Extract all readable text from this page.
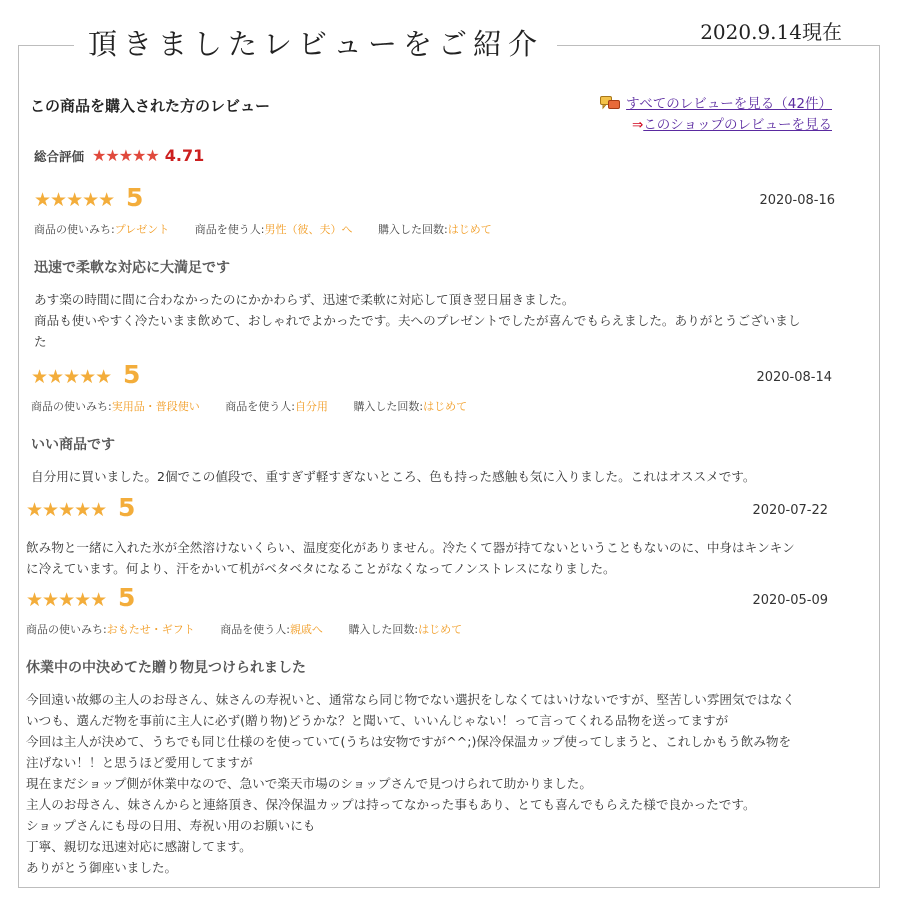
頂きましたレビューをご紹介	2020.9.14現在
この商品を購入された方のレビュー	すべてのレビューを見る（42件）
⇒このショップのレビューを見る
総合評価 ★★★★★ 4.71
★★★★★ 5	2020-08-16
商品の使いみち:プレゼント 商品を使う人:男性（彼、夫）へ 購入した回数:はじめて
迅速で柔軟な対応に大満足です
あす楽の時間に間に合わなかったのにかかわらず、迅速で柔軟に対応して頂き翌日届きました。
商品も使いやすく冷たいまま飲めて、おしゃれでよかったです。夫へのプレゼントでしたが喜んでもらえました。ありがとうございまし
た
★★★★★ 5	2020-08-14
商品の使いみち:実用品・普段使い 商品を使う人:自分用 購入した回数:はじめて
いい商品です
自分用に買いました。2個でこの値段で、重すぎず軽すぎないところ、色も持った感触も気に入りました。これはオススメです。
★★★★★ 5	2020-07-22
飲み物と一緒に入れた氷が全然溶けないくらい、温度変化がありません。冷たくて器が持てないということもないのに、中身はキンキン
に冷えています。何より、汗をかいて机がベタベタになることがなくなってノンストレスになりました。
★★★★★ 5	2020-05-09
商品の使いみち:おもたせ・ギフト 商品を使う人:親戚へ 購入した回数:はじめて
休業中の中決めてた贈り物見つけられました
今回遠い故郷の主人のお母さん、妹さんの寿祝いと、通常なら同じ物でない選択をしなくてはいけないですが、堅苦しい雰囲気ではなく
いつも、選んだ物を事前に主人に必ず(贈り物)どうかな？と聞いて、いいんじゃない！って言ってくれる品物を送ってますが
今回は主人が決めて、うちでも同じ仕様のを使っていて(うちは安物ですが^^;)保冷保温カップ使ってしまうと、これしかもう飲み物を
注げない！！と思うほど愛用してますが
現在まだショップ側が休業中なので、急いで楽天市場のショップさんで見つけられて助かりました。
主人のお母さん、妹さんからと連絡頂き、保冷保温カップは持ってなかった事もあり、とても喜んでもらえた様で良かったです。
ショップさんにも母の日用、寿祝い用のお願いにも
丁寧、親切な迅速対応に感謝してます。
ありがとう御座いました。
